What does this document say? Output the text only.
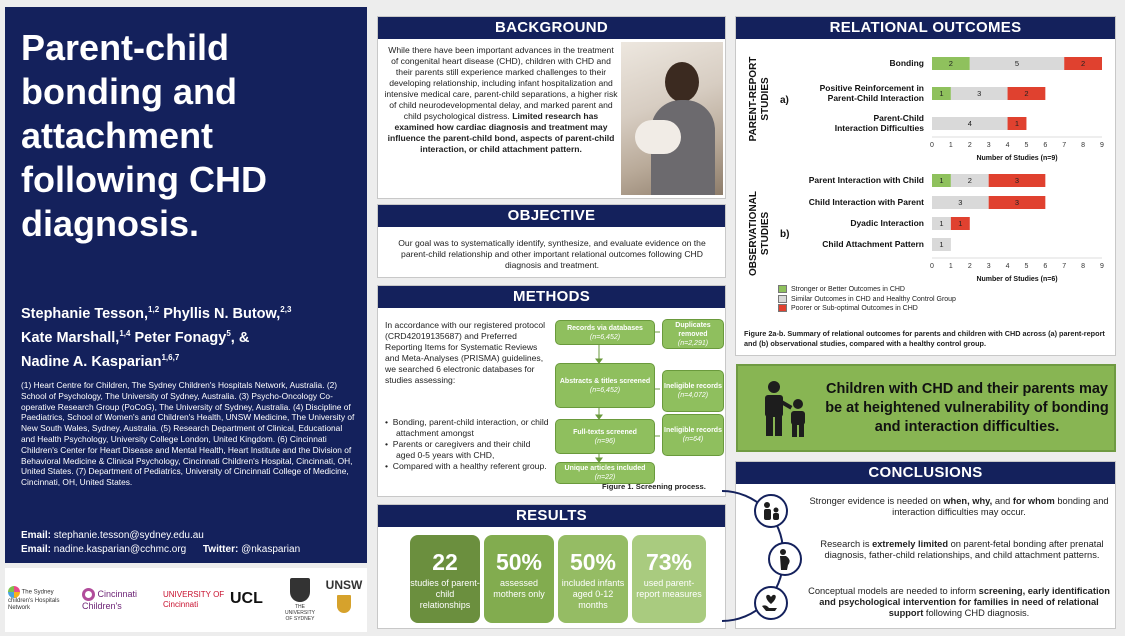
Parent-child bonding and attachment following CHD diagnosis.
Stephanie Tesson,$^{1,2}$ Phyllis N. Butow,$^{2,3}$
Kate Marshall,$^{1,4}$ Peter Fonagy$^5$, &
Nadine A. Kasparian$^{1,6,7}$
(1) Heart Centre for Children, The Sydney Children's Hospitals Network, Australia. (2) School of Psychology, The University of Sydney, Australia. (3) Psycho-Oncology Co-operative Research Group (PoCoG), The University of Sydney, Australia. (4) Discipline of Paediatrics, School of Women's and Children's Health, UNSW Medicine, The University of New South Wales, Sydney, Australia. (5) Research Department of Clinical, Educational and Health Psychology, University College London, United Kingdom. (6) Cincinnati Children's Center for Heart Disease and Mental Health, Heart Institute and the Division of Behavioral Medicine & Clinical Psychology, Cincinnati Children's Hospital, Cincinnati, OH, United States. (7) Department of Pediatrics, University of Cincinnati College of Medicine, Cincinnati, OH, United States.
Email: stephanie.tesson@sydney.edu.au
Email: nadine.kasparian@cchmc.org Twitter: @nkasparian
The Sydney children's Hospitals Network
Cincinnati Children's
UNIVERSITY OF Cincinnati	UCL	THE UNIVERSITY OF SYDNEY
UNSW
BACKGROUND
While there have been important advances in the treatment of congenital heart disease (CHD), children with CHD and their parents still experience marked challenges to their developing relationship, including infant hospitalization and intensive medical care, parent-child separations, a higher risk of child neurodevelopmental delay, and marked parent and child psychological distress. Limited research has examined how cardiac diagnosis and treatment may influence the parent-child bond, aspects of parent-child interaction, or child attachment pattern.
OBJECTIVE
Our goal was to systematically identify, synthesize, and evaluate evidence on the parent-child relationship and other important relational outcomes following CHD diagnosis and treatment.
METHODS
In accordance with our registered protocol (CRD42019135687) and Preferred Reporting Items for Systematic Reviews and Meta-Analyses (PRISMA) guidelines, we searched 6 electronic databases for studies assessing:
•  Bonding, parent-child interaction, or child attachment amongst
•  Parents or caregivers and their child aged 0-5 years with CHD,
•  Compared with a healthy referent group.
Records via databases
(n=6,452)
Duplicates removed
(n=2,291)
Abstracts & titles screened
(n=6,452)	Ineligible records
(n=4,072)
Full-texts screened
(n=96)
Ineligible records
(n=64)
Unique articles included
(n=22)
Figure 1. Screening process.
RESULTS
22
studies of parent-child relationships
50%
assessed mothers only
50%
included infants aged 0-12 months
73%
used parent-report measures
RELATIONAL OUTCOMES
PARENT-REPORT STUDIES a)
0 1 2 3 4 5 6 7 8 9
Number of Studies (n=9)
Bonding	2	5	2
Positive Reinforcement in
Parent-Child Interaction 1	3	2
Parent-Child
Interaction Difficulties	4	1
OBSERVATIONAL STUDIES b)
0 1 2 3 4 5 6 7 8 9
Number of Studies (n=6)
Parent Interaction with Child 1	2	3
Child Interaction with Parent	3	3
Dyadic Interaction 1 1
Child Attachment Pattern 1
Stronger or Better Outcomes in CHD
Similar Outcomes in CHD and Healthy Control Group
Poorer or Sub-optimal Outcomes in CHD
Figure 2a-b. Summary of relational outcomes for parents and children with CHD across (a) parent-report and (b) observational studies, compared with a healthy control group.
Children with CHD and their parents may be at heightened vulnerability of bonding and interaction difficulties.
CONCLUSIONS
Stronger evidence is needed on when, why, and for whom bonding and interaction difficulties may occur.
Research is extremely limited on parent-fetal bonding after prenatal diagnosis, father-child relationships, and child attachment patterns.
Conceptual models are needed to inform screening, early identification and psychological intervention for families in need of relational support following CHD diagnosis.
